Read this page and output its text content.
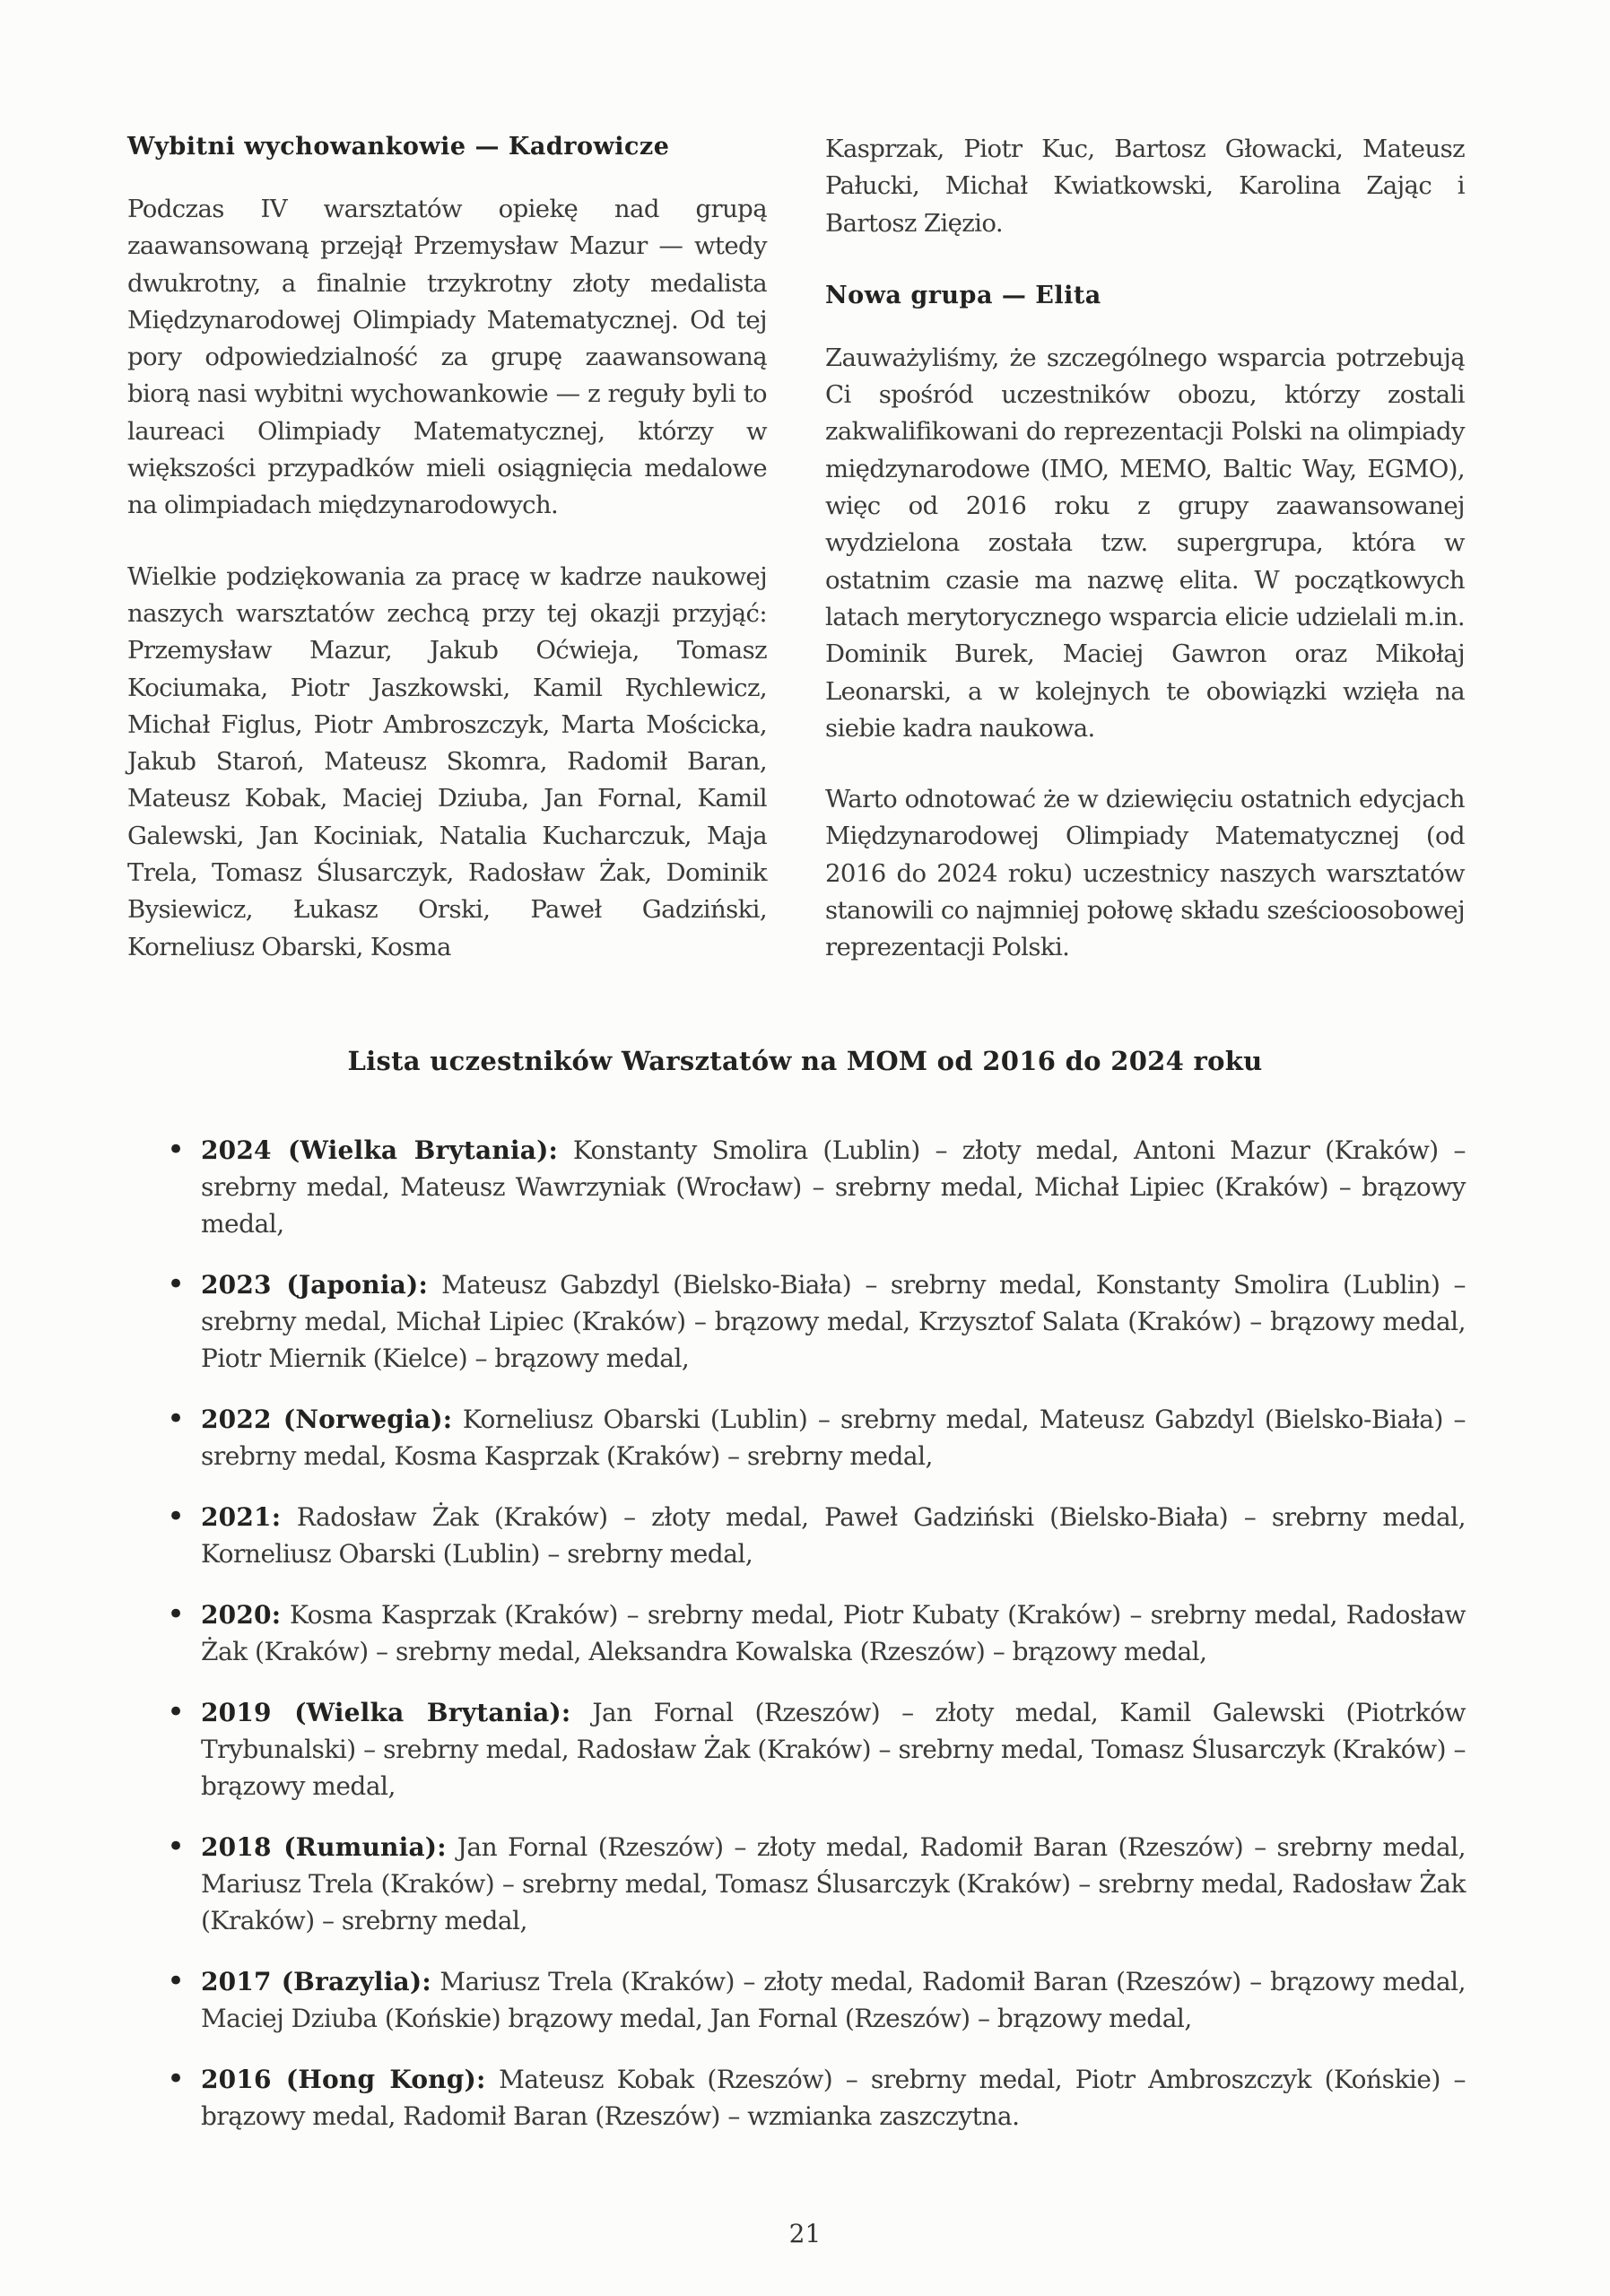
Wybitni wychowankowie — Kadrowicze

Podczas IV warsztatów opiekę nad grupą zaawansowaną przejął Przemysław Mazur — wtedy dwukrotny, a finalnie trzykrotny złoty medalista Międzynarodowej Olimpiady Matematycznej. Od tej pory odpowiedzialność za grupę zaawansowaną biorą nasi wybitni wychowankowie — z reguły byli to laureaci Olimpiady Matematycznej, którzy w większości przypadków mieli osiągnięcia medalowe na olimpiadach międzynarodowych.

Wielkie podziękowania za pracę w kadrze naukowej naszych warsztatów zechcą przy tej okazji przyjąć: Przemysław Mazur, Jakub Oćwieja, Tomasz Kociumaka, Piotr Jaszkowski, Kamil Rychlewicz, Michał Figlus, Piotr Ambroszczyk, Marta Mościcka, Jakub Staroń, Mateusz Skomra, Radomił Baran, Mateusz Kobak, Maciej Dziuba, Jan Fornal, Kamil Galewski, Jan Kociniak, Natalia Kucharczuk, Maja Trela, Tomasz Ślusarczyk, Radosław Żak, Dominik Bysiewicz, Łukasz Orski, Paweł Gadziński, Korneliusz Obarski, Kosma

Kasprzak, Piotr Kuc, Bartosz Głowacki, Mateusz Pałucki, Michał Kwiatkowski, Karolina Zając i Bartosz Zięzio.

Nowa grupa — Elita

Zauważyliśmy, że szczególnego wsparcia potrzebują Ci spośród uczestników obozu, którzy zostali zakwalifikowani do reprezentacji Polski na olimpiady międzynarodowe (IMO, MEMO, Baltic Way, EGMO), więc od 2016 roku z grupy zaawansowanej wydzielona została tzw. supergrupa, która w ostatnim czasie ma nazwę elita. W początkowych latach merytorycznego wsparcia elicie udzielali m.in. Dominik Burek, Maciej Gawron oraz Mikołaj Leonarski, a w kolejnych te obowiązki wzięła na siebie kadra naukowa.

Warto odnotować że w dziewięciu ostatnich edycjach Międzynarodowej Olimpiady Matematycznej (od 2016 do 2024 roku) uczestnicy naszych warsztatów stanowili co najmniej połowę składu sześcioosobowej reprezentacji Polski.

Lista uczestników Warsztatów na MOM od 2016 do 2024 roku
• 2024 (Wielka Brytania): Konstanty Smolira (Lublin) – złoty medal, Antoni Mazur (Kraków) – srebrny medal, Mateusz Wawrzyniak (Wrocław) – srebrny medal, Michał Lipiec (Kraków) – brązowy medal,
• 2023 (Japonia): Mateusz Gabzdyl (Bielsko-Biała) – srebrny medal, Konstanty Smolira (Lublin) – srebrny medal, Michał Lipiec (Kraków) – brązowy medal, Krzysztof Salata (Kraków) – brązowy medal, Piotr Miernik (Kielce) – brązowy medal,
• 2022 (Norwegia): Korneliusz Obarski (Lublin) – srebrny medal, Mateusz Gabzdyl (Bielsko-Biała) – srebrny medal, Kosma Kasprzak (Kraków) – srebrny medal,
• 2021: Radosław Żak (Kraków) – złoty medal, Paweł Gadziński (Bielsko-Biała) – srebrny medal, Korneliusz Obarski (Lublin) – srebrny medal,
• 2020: Kosma Kasprzak (Kraków) – srebrny medal, Piotr Kubaty (Kraków) – srebrny medal, Radosław Żak (Kraków) – srebrny medal, Aleksandra Kowalska (Rzeszów) – brązowy medal,
• 2019 (Wielka Brytania): Jan Fornal (Rzeszów) – złoty medal, Kamil Galewski (Piotrków Trybunalski) – srebrny medal, Radosław Żak (Kraków) – srebrny medal, Tomasz Ślusarczyk (Kraków) – brązowy medal,
• 2018 (Rumunia): Jan Fornal (Rzeszów) – złoty medal, Radomił Baran (Rzeszów) – srebrny medal, Mariusz Trela (Kraków) – srebrny medal, Tomasz Ślusarczyk (Kraków) – srebrny medal, Radosław Żak (Kraków) – srebrny medal,
• 2017 (Brazylia): Mariusz Trela (Kraków) – złoty medal, Radomił Baran (Rzeszów) – brązowy medal, Maciej Dziuba (Końskie) brązowy medal, Jan Fornal (Rzeszów) – brązowy medal,
• 2016 (Hong Kong): Mateusz Kobak (Rzeszów) – srebrny medal, Piotr Ambroszczyk (Końskie) – brązowy medal, Radomił Baran (Rzeszów) – wzmianka zaszczytna.
21
